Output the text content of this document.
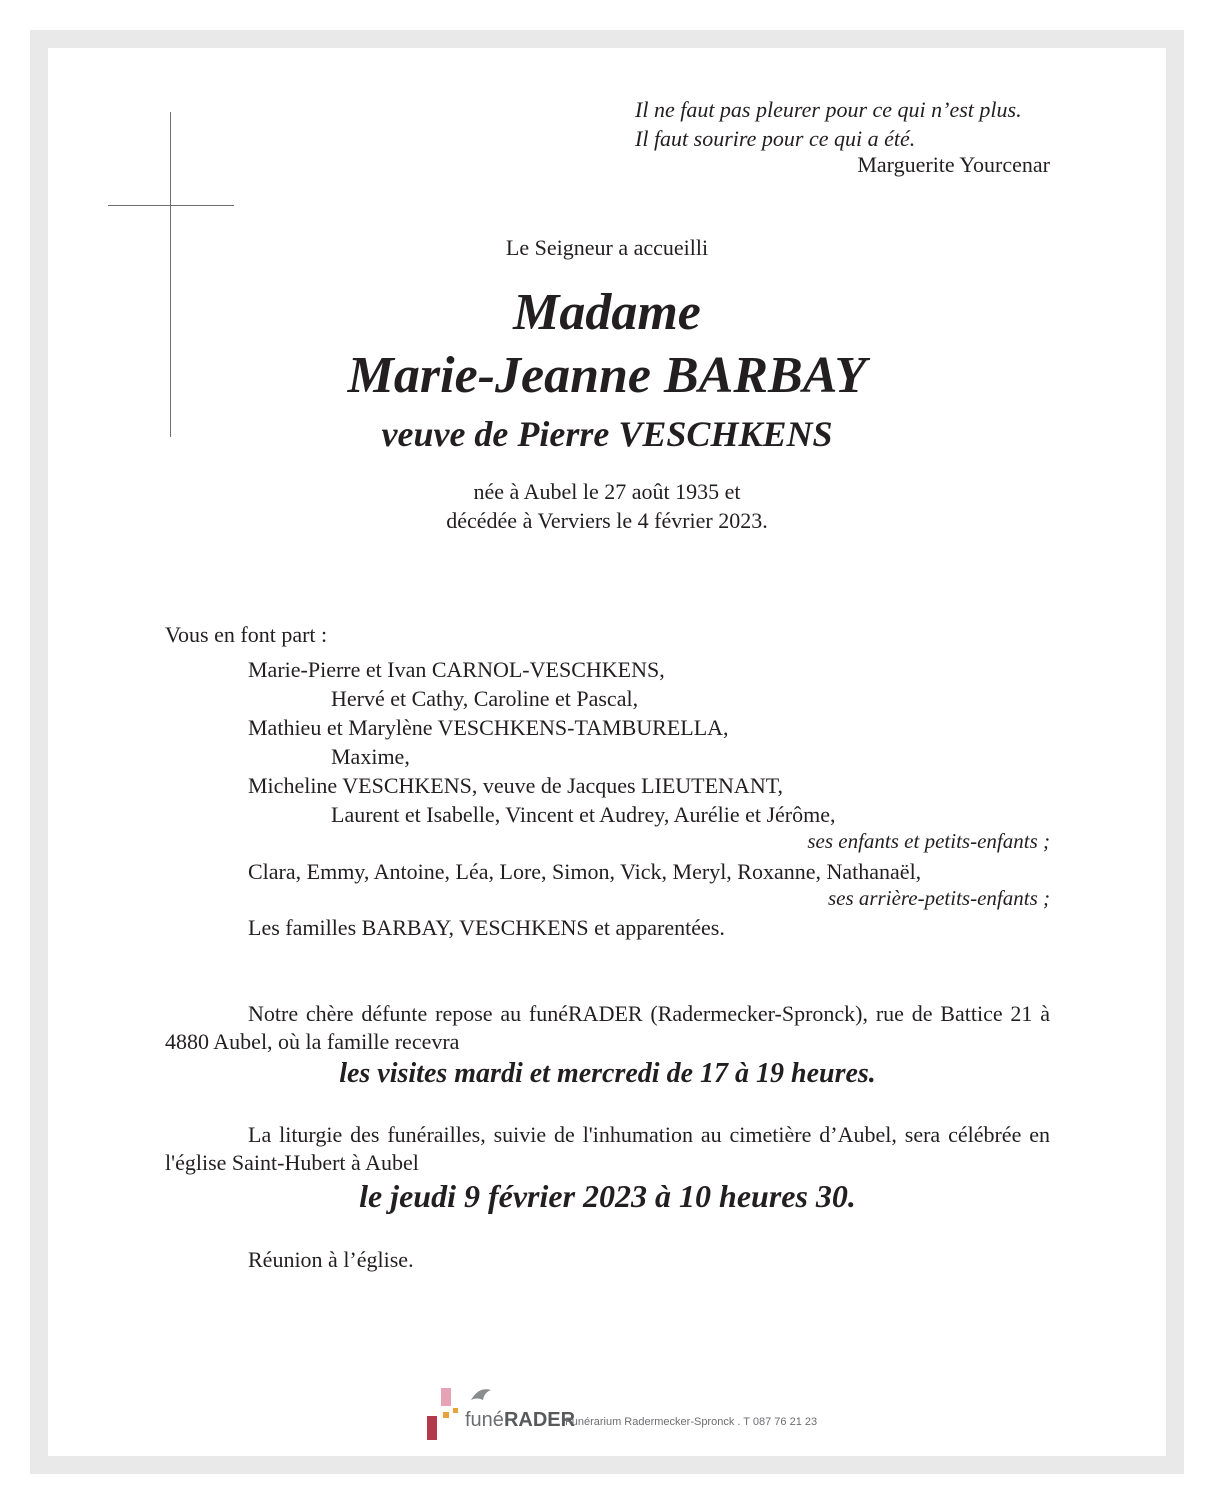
Il ne faut pas pleurer pour ce qui n’est plus.
Il faut sourire pour ce qui a été.
Marguerite Yourcenar
Le Seigneur a accueilli
Madame
Marie-Jeanne BARBAY
veuve de Pierre VESCHKENS
née à Aubel le 27 août 1935 et
décédée à Verviers le 4 février 2023.
Vous en font part :
Marie-Pierre et Ivan CARNOL-VESCHKENS,
Hervé et Cathy, Caroline et Pascal,
Mathieu et Marylène VESCHKENS-TAMBURELLA,
Maxime,
Micheline VESCHKENS, veuve de Jacques LIEUTENANT,
Laurent et Isabelle, Vincent et Audrey, Aurélie et Jérôme,
ses enfants et petits-enfants ;
Clara, Emmy, Antoine, Léa, Lore, Simon, Vick, Meryl, Roxanne, Nathanaël,
ses arrière-petits-enfants ;
Les familles BARBAY, VESCHKENS et apparentées.
Notre chère défunte repose au funéRADER (Radermecker-Spronck), rue de Battice 21 à 4880 Aubel, où la famille recevra
les visites mardi et mercredi de 17 à 19 heures.
La liturgie des funérailles, suivie de l'inhumation au cimetière d’Aubel, sera célébrée en l'église Saint-Hubert à Aubel
le jeudi 9 février 2023 à 10 heures 30.
Réunion à l’église.
funéRADER
Funérarium Radermecker-Spronck . T 087 76 21 23
